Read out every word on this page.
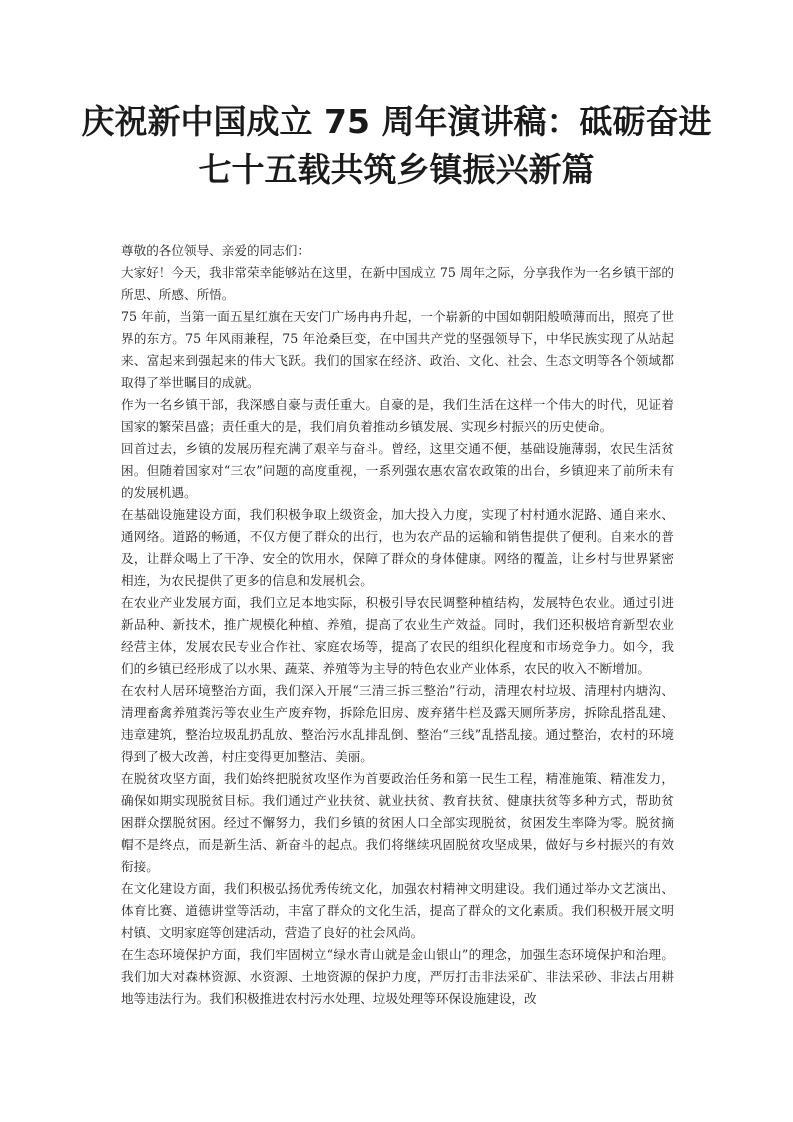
庆祝新中国成立 75 周年演讲稿：砥砺奋进
七十五载共筑乡镇振兴新篇

尊敬的各位领导、亲爱的同志们：

大家好！今天，我非常荣幸能够站在这里，在新中国成立 75 周年之际，分享我作为一名乡镇干部的所思、所感、所悟。

75 年前，当第一面五星红旗在天安门广场冉冉升起，一个崭新的中国如朝阳般喷薄而出，照亮了世界的东方。75 年风雨兼程，75 年沧桑巨变，在中国共产党的坚强领导下，中华民族实现了从站起来、富起来到强起来的伟大飞跃。我们的国家在经济、政治、文化、社会、生态文明等各个领域都取得了举世瞩目的成就。

作为一名乡镇干部，我深感自豪与责任重大。自豪的是，我们生活在这样一个伟大的时代，见证着国家的繁荣昌盛；责任重大的是，我们肩负着推动乡镇发展、实现乡村振兴的历史使命。

回首过去，乡镇的发展历程充满了艰辛与奋斗。曾经，这里交通不便，基础设施薄弱，农民生活贫困。但随着国家对“三农”问题的高度重视，一系列强农惠农富农政策的出台，乡镇迎来了前所未有的发展机遇。

在基础设施建设方面，我们积极争取上级资金，加大投入力度，实现了村村通水泥路、通自来水、通网络。道路的畅通，不仅方便了群众的出行，也为农产品的运输和销售提供了便利。自来水的普及，让群众喝上了干净、安全的饮用水，保障了群众的身体健康。网络的覆盖，让乡村与世界紧密相连，为农民提供了更多的信息和发展机会。

在农业产业发展方面，我们立足本地实际，积极引导农民调整种植结构，发展特色农业。通过引进新品种、新技术，推广规模化种植、养殖，提高了农业生产效益。同时，我们还积极培育新型农业经营主体，发展农民专业合作社、家庭农场等，提高了农民的组织化程度和市场竞争力。如今，我们的乡镇已经形成了以水果、蔬菜、养殖等为主导的特色农业产业体系，农民的收入不断增加。

在农村人居环境整治方面，我们深入开展“三清三拆三整治”行动，清理农村垃圾、清理村内塘沟、清理畜禽养殖粪污等农业生产废弃物，拆除危旧房、废弃猪牛栏及露天厕所茅房，拆除乱搭乱建、违章建筑，整治垃圾乱扔乱放、整治污水乱排乱倒、整治“三线”乱搭乱接。通过整治，农村的环境得到了极大改善，村庄变得更加整洁、美丽。

在脱贫攻坚方面，我们始终把脱贫攻坚作为首要政治任务和第一民生工程，精准施策、精准发力，确保如期实现脱贫目标。我们通过产业扶贫、就业扶贫、教育扶贫、健康扶贫等多种方式，帮助贫困群众摆脱贫困。经过不懈努力，我们乡镇的贫困人口全部实现脱贫，贫困发生率降为零。脱贫摘帽不是终点，而是新生活、新奋斗的起点。我们将继续巩固脱贫攻坚成果，做好与乡村振兴的有效衔接。

在文化建设方面，我们积极弘扬优秀传统文化，加强农村精神文明建设。我们通过举办文艺演出、体育比赛、道德讲堂等活动，丰富了群众的文化生活，提高了群众的文化素质。我们积极开展文明村镇、文明家庭等创建活动，营造了良好的社会风尚。

在生态环境保护方面，我们牢固树立“绿水青山就是金山银山”的理念，加强生态环境保护和治理。我们加大对森林资源、水资源、土地资源的保护力度，严厉打击非法采矿、非法采砂、非法占用耕地等违法行为。我们积极推进农村污水处理、垃圾处理等环保设施建设，改
